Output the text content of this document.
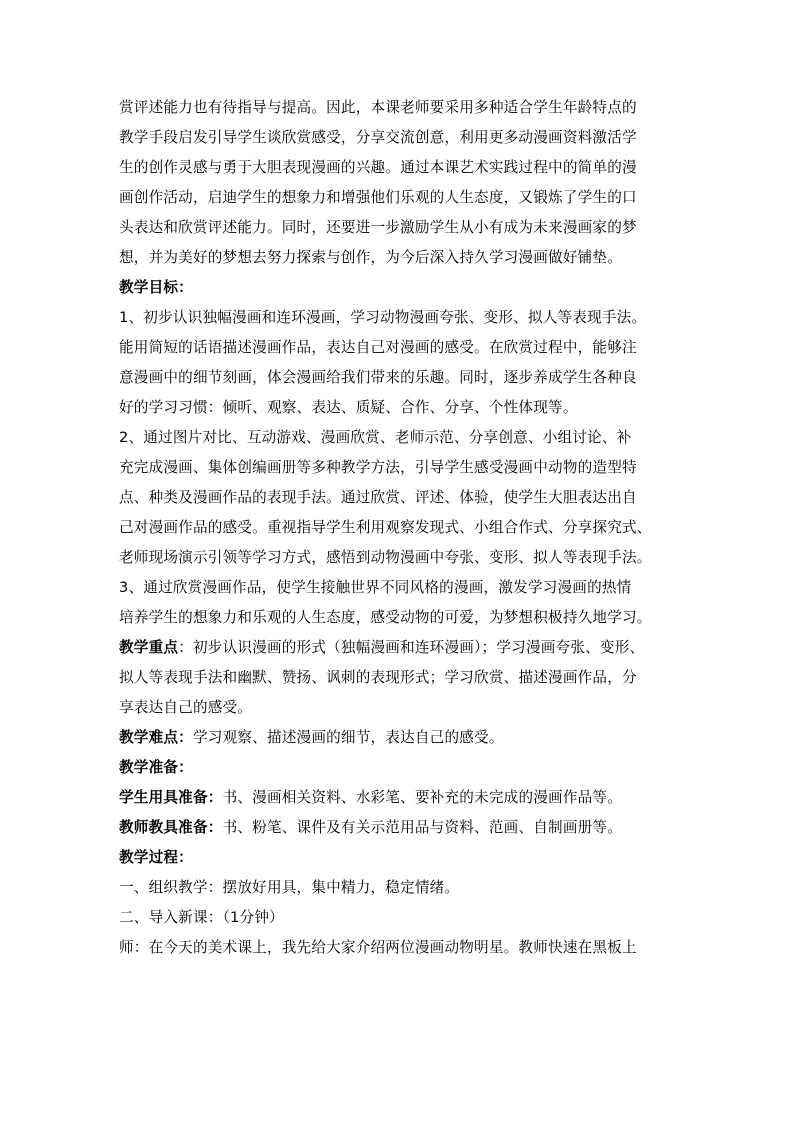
赏评述能力也有待指导与提高。因此，本课老师要采用多种适合学生年龄特点的

教学手段启发引导学生谈欣赏感受，分享交流创意，利用更多动漫画资料激活学

生的创作灵感与勇于大胆表现漫画的兴趣。通过本课艺术实践过程中的简单的漫

画创作活动，启迪学生的想象力和增强他们乐观的人生态度，又锻炼了学生的口

头表达和欣赏评述能力。同时，还要进一步激励学生从小有成为未来漫画家的梦

想，并为美好的梦想去努力探索与创作，为今后深入持久学习漫画做好铺垫。

教学目标：

1、初步认识独幅漫画和连环漫画，学习动物漫画夸张、变形、拟人等表现手法。

能用简短的话语描述漫画作品，表达自己对漫画的感受。在欣赏过程中，能够注

意漫画中的细节刻画，体会漫画给我们带来的乐趣。同时，逐步养成学生各种良

好的学习习惯：倾听、观察、表达、质疑、合作、分享、个性体现等。

2、通过图片对比、互动游戏、漫画欣赏、老师示范、分享创意、小组讨论、补

充完成漫画、集体创编画册等多种教学方法，引导学生感受漫画中动物的造型特

点、种类及漫画作品的表现手法。通过欣赏、评述、体验，使学生大胆表达出自

己对漫画作品的感受。重视指导学生利用观察发现式、小组合作式、分享探究式、

老师现场演示引领等学习方式，感悟到动物漫画中夸张、变形、拟人等表现手法。

3、通过欣赏漫画作品，使学生接触世界不同风格的漫画，激发学习漫画的热情

培养学生的想象力和乐观的人生态度，感受动物的可爱，为梦想积极持久地学习。

教学重点：初步认识漫画的形式（独幅漫画和连环漫画）；学习漫画夸张、变形、

拟人等表现手法和幽默、赞扬、讽刺的表现形式；学习欣赏、描述漫画作品，分

享表达自己的感受。

教学难点：学习观察、描述漫画的细节，表达自己的感受。

教学准备：

学生用具准备：书、漫画相关资料、水彩笔、要补充的未完成的漫画作品等。

教师教具准备：书、粉笔、课件及有关示范用品与资料、范画、自制画册等。

教学过程：

一、组织教学：摆放好用具，集中精力，稳定情绪。

二、导入新课：（1分钟）

师：在今天的美术课上，我先给大家介绍两位漫画动物明星。教师快速在黑板上
